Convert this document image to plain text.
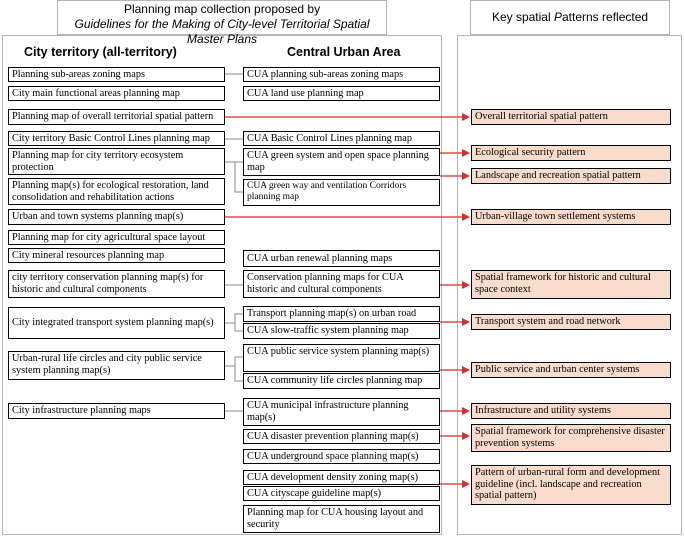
Planning map collection proposed by
Guidelines for the Making of City-level Territorial Spatial Master Plans
Key spatial Patterns reflected
City territory (all-territory)	Central Urban Area
Planning sub-areas zoning maps
City main functional areas planning map
Planning map of overall territorial spatial pattern
City territory Basic Control Lines planning map
Planning map for city territory ecosystem protection
Planning map(s) for ecological restoration, land consolidation and rehabilitation actions
Urban and town systems planning map(s)
Planning map for city agricultural space layout
City mineral resources planning map
city territory conservation planning map(s) for historic and cultural components
City integrated transport system planning map(s)
Urban-rural life circles and city public service system planning map(s)
City infrastructure planning maps
CUA planning sub-areas zoning maps
CUA land use planning map
CUA Basic Control Lines planning map
CUA green system and open space planning map
CUA green way and ventilation Corridors planning map
CUA urban renewal planning maps
Conservation planning maps for CUA historic and cultural components
Transport planning map(s) on urban road
CUA slow-traffic system planning map
CUA public service system planning map(s)
CUA community life circles planning map
CUA municipal infrastructure planning map(s)
CUA disaster prevention planning map(s)
CUA underground space planning map(s)
CUA development density zoning map(s)
CUA cityscape guideline map(s)
Planning map for CUA housing layout and security
Overall territorial spatial pattern
Ecological security pattern
Landscape and recreation spatial pattern
Urban-village town settlement systems
Spatial framework for historic and cultural space context
Transport system and road network
Public service and urban center systems
Infrastructure and utility systems
Spatial framework for comprehensive disaster prevention systems
Pattern of urban-rural form and development guideline (incl. landscape and recreation spatial pattern)
